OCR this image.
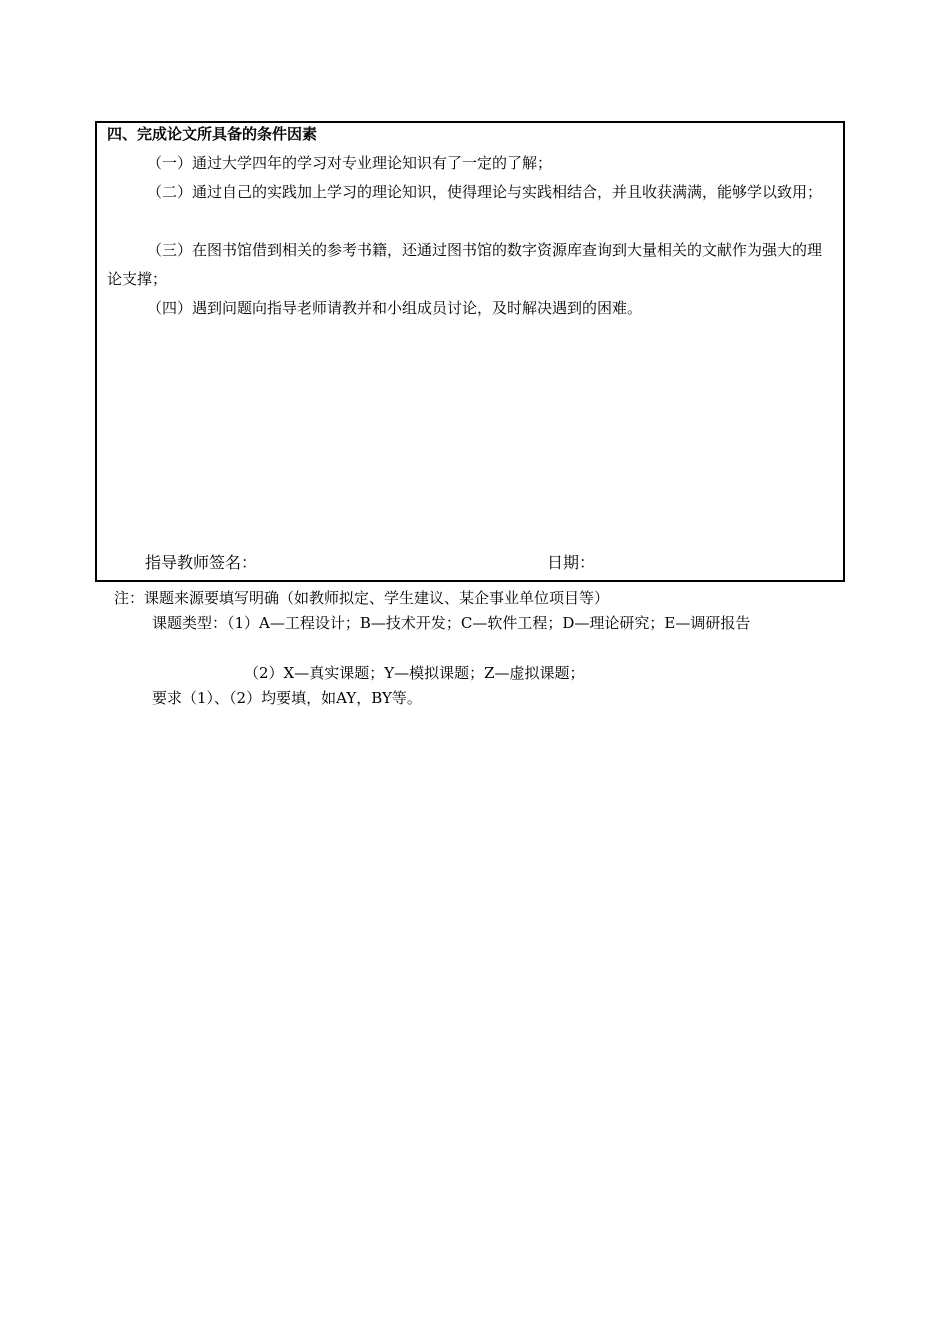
四、完成论文所具备的条件因素

（一）通过大学四年的学习对专业理论知识有了一定的了解；

（二）通过自己的实践加上学习的理论知识，使得理论与实践相结合，并且收获满满，能够学以致用；

（三）在图书馆借到相关的参考书籍，还通过图书馆的数字资源库查询到大量相关的文献作为强大的理论支撑；

（四）遇到问题向指导老师请教并和小组成员讨论，及时解决遇到的困难。

指导教师签名：	日期：
注：课题来源要填写明确（如教师拟定、学生建议、某企事业单位项目等）

课题类型：（1）A—工程设计；B—技术开发；C—软件工程；D—理论研究；E—调研报告

（2）X—真实课题；Y—模拟课题；Z—虚拟课题；
要求（1）、（2）均要填，如AY，BY等。
